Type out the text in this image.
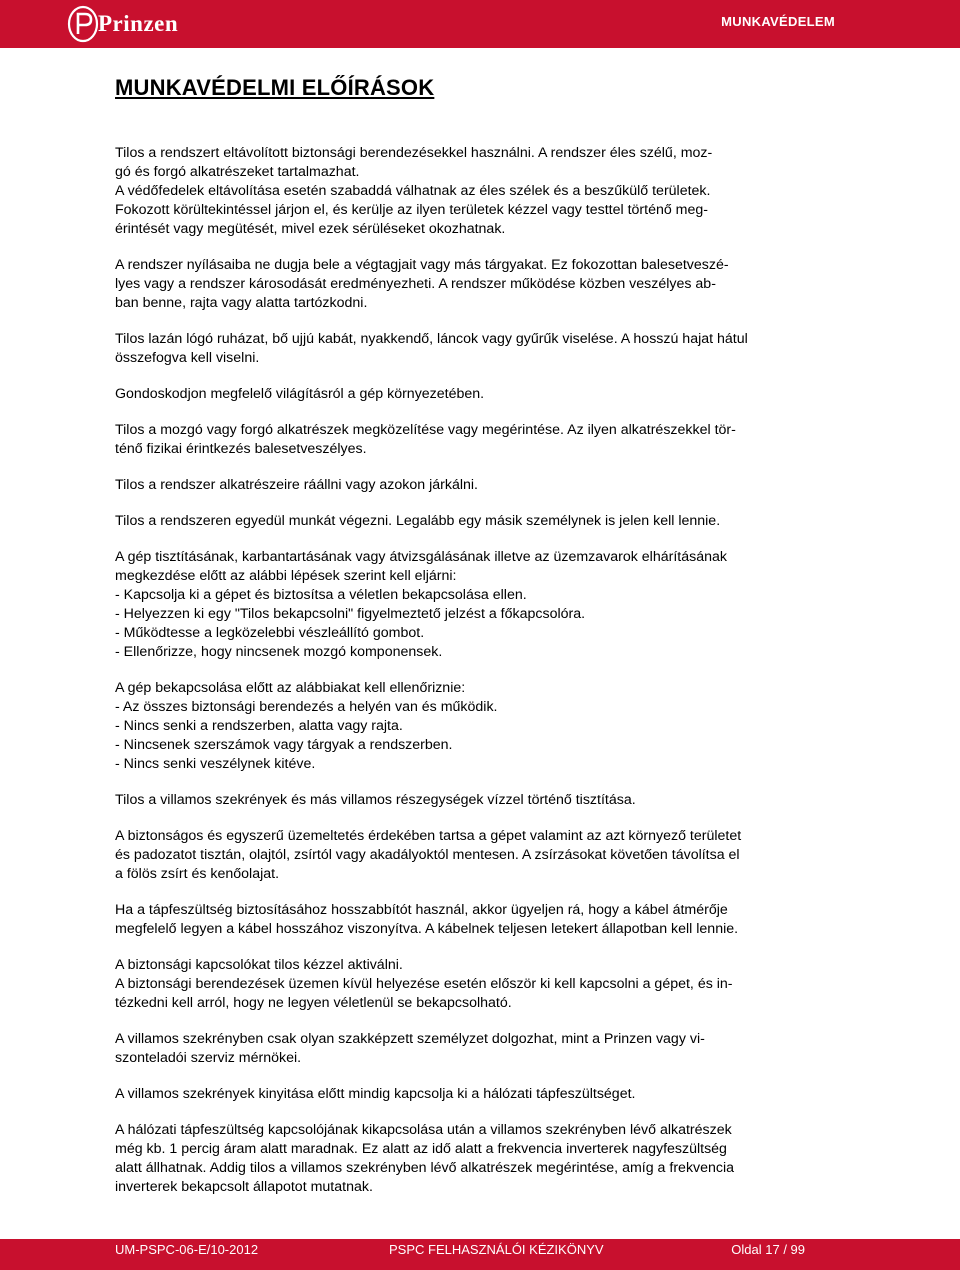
Prinzen	MUNKAVÉDELEM
MUNKAVÉDELMI ELŐÍRÁSOK

Tilos a rendszert eltávolított biztonsági berendezésekkel használni. A rendszer éles szélű, moz-
gó és forgó alkatrészeket tartalmazhat.
A védőfedelek eltávolítása esetén szabaddá válhatnak az éles szélek és a beszűkülő területek.
Fokozott körültekintéssel járjon el, és kerülje az ilyen területek kézzel vagy testtel történő meg-
érintését vagy megütését, mivel ezek sérüléseket okozhatnak.

A rendszer nyílásaiba ne dugja bele a végtagjait vagy más tárgyakat. Ez fokozottan balesetveszé-
lyes vagy a rendszer károsodását eredményezheti. A rendszer működése közben veszélyes ab-
ban benne, rajta vagy alatta tartózkodni.

Tilos lazán lógó ruházat, bő ujjú kabát, nyakkendő, láncok vagy gyűrűk viselése. A hosszú hajat hátul
összefogva kell viselni.

Gondoskodjon megfelelő világításról a gép környezetében.

Tilos a mozgó vagy forgó alkatrészek megközelítése vagy megérintése. Az ilyen alkatrészekkel tör-
ténő fizikai érintkezés balesetveszélyes.

Tilos a rendszer alkatrészeire ráállni vagy azokon járkálni.

Tilos a rendszeren egyedül munkát végezni. Legalább egy másik személynek is jelen kell lennie.

A gép tisztításának, karbantartásának vagy átvizsgálásának illetve az üzemzavarok elhárításának
megkezdése előtt az alábbi lépések szerint kell eljárni:
- Kapcsolja ki a gépet és biztosítsa a véletlen bekapcsolása ellen.
- Helyezzen ki egy "Tilos bekapcsolni" figyelmeztető jelzést a főkapcsolóra.
- Működtesse a legközelebbi vészleállító gombot.
- Ellenőrizze, hogy nincsenek mozgó komponensek.

A gép bekapcsolása előtt az alábbiakat kell ellenőriznie:
- Az összes biztonsági berendezés a helyén van és működik.
- Nincs senki a rendszerben, alatta vagy rajta.
- Nincsenek szerszámok vagy tárgyak a rendszerben.
- Nincs senki veszélynek kitéve.

Tilos a villamos szekrények és más villamos részegységek vízzel történő tisztítása.

A biztonságos és egyszerű üzemeltetés érdekében tartsa a gépet valamint az azt környező területet
és padozatot tisztán, olajtól, zsírtól vagy akadályoktól mentesen. A zsírzásokat követően távolítsa el
a fölös zsírt és kenőolajat.

Ha a tápfeszültség biztosításához hosszabbítót használ, akkor ügyeljen rá, hogy a kábel átmérője
megfelelő legyen a kábel hosszához viszonyítva. A kábelnek teljesen letekert állapotban kell lennie.

A biztonsági kapcsolókat tilos kézzel aktiválni.
A biztonsági berendezések üzemen kívül helyezése esetén először ki kell kapcsolni a gépet, és in-
tézkedni kell arról, hogy ne legyen véletlenül se bekapcsolható.

A villamos szekrényben csak olyan szakképzett személyzet dolgozhat, mint a Prinzen vagy vi-
szonteladói szerviz mérnökei.

A villamos szekrények kinyitása előtt mindig kapcsolja ki a hálózati tápfeszültséget.

A hálózati tápfeszültség kapcsolójának kikapcsolása után a villamos szekrényben lévő alkatrészek
még kb. 1 percig áram alatt maradnak. Ez alatt az idő alatt a frekvencia inverterek nagyfeszültség
alatt állhatnak. Addig tilos a villamos szekrényben lévő alkatrészek megérintése, amíg a frekvencia
inverterek bekapcsolt állapotot mutatnak.

UM-PSPC-06-E/10-2012	PSPC FELHASZNÁLÓI KÉZIKÖNYV	Oldal 17 / 99
